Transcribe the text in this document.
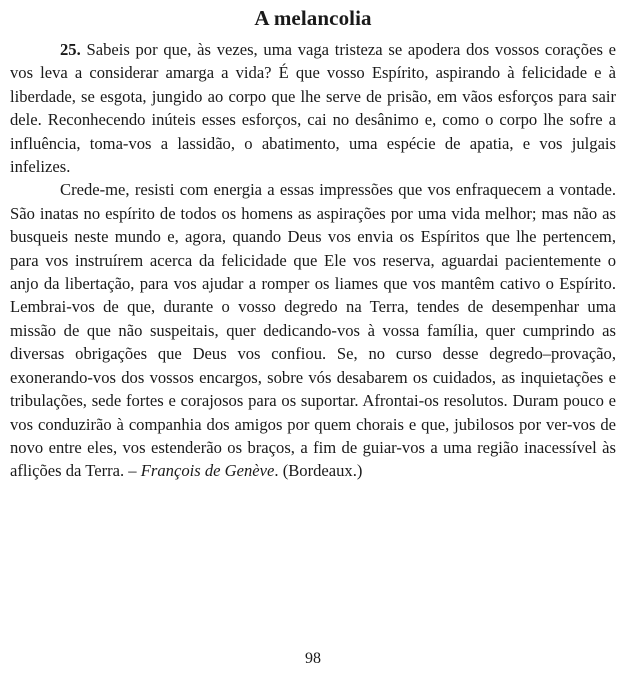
A melancolia

25. Sabeis por que, às vezes, uma vaga tristeza se apodera dos vossos corações e vos leva a considerar amarga a vida? É que vosso Espírito, aspirando à felicidade e à liberdade, se esgota, jungido ao corpo que lhe serve de prisão, em vãos esforços para sair dele. Reconhecendo inúteis esses esforços, cai no desânimo e, como o corpo lhe sofre a influência, toma-vos a lassidão, o abatimento, uma espécie de apatia, e vos julgais infelizes.

Crede-me, resisti com energia a essas impressões que vos enfraquecem a vontade. São inatas no espírito de todos os homens as aspirações por uma vida melhor; mas não as busqueis neste mundo e, agora, quando Deus vos envia os Espíritos que lhe pertencem, para vos instruírem acerca da felicidade que Ele vos reserva, aguardai pacientemente o anjo da libertação, para vos ajudar a romper os liames que vos mantêm cativo o Espírito. Lembrai-vos de que, durante o vosso degredo na Terra, tendes de desempenhar uma missão de que não suspeitais, quer dedicando-vos à vossa família, quer cumprindo as diversas obrigações que Deus vos confiou. Se, no curso desse degredo–provação, exonerando-vos dos vossos encargos, sobre vós desabarem os cuidados, as inquietações e tribulações, sede fortes e corajosos para os suportar. Afrontai-os resolutos. Duram pouco e vos conduzirão à companhia dos amigos por quem chorais e que, jubilosos por ver-vos de novo entre eles, vos estenderão os braços, a fim de guiar-vos a uma região inacessível às aflições da Terra. – François de Genève. (Bordeaux.)

98
